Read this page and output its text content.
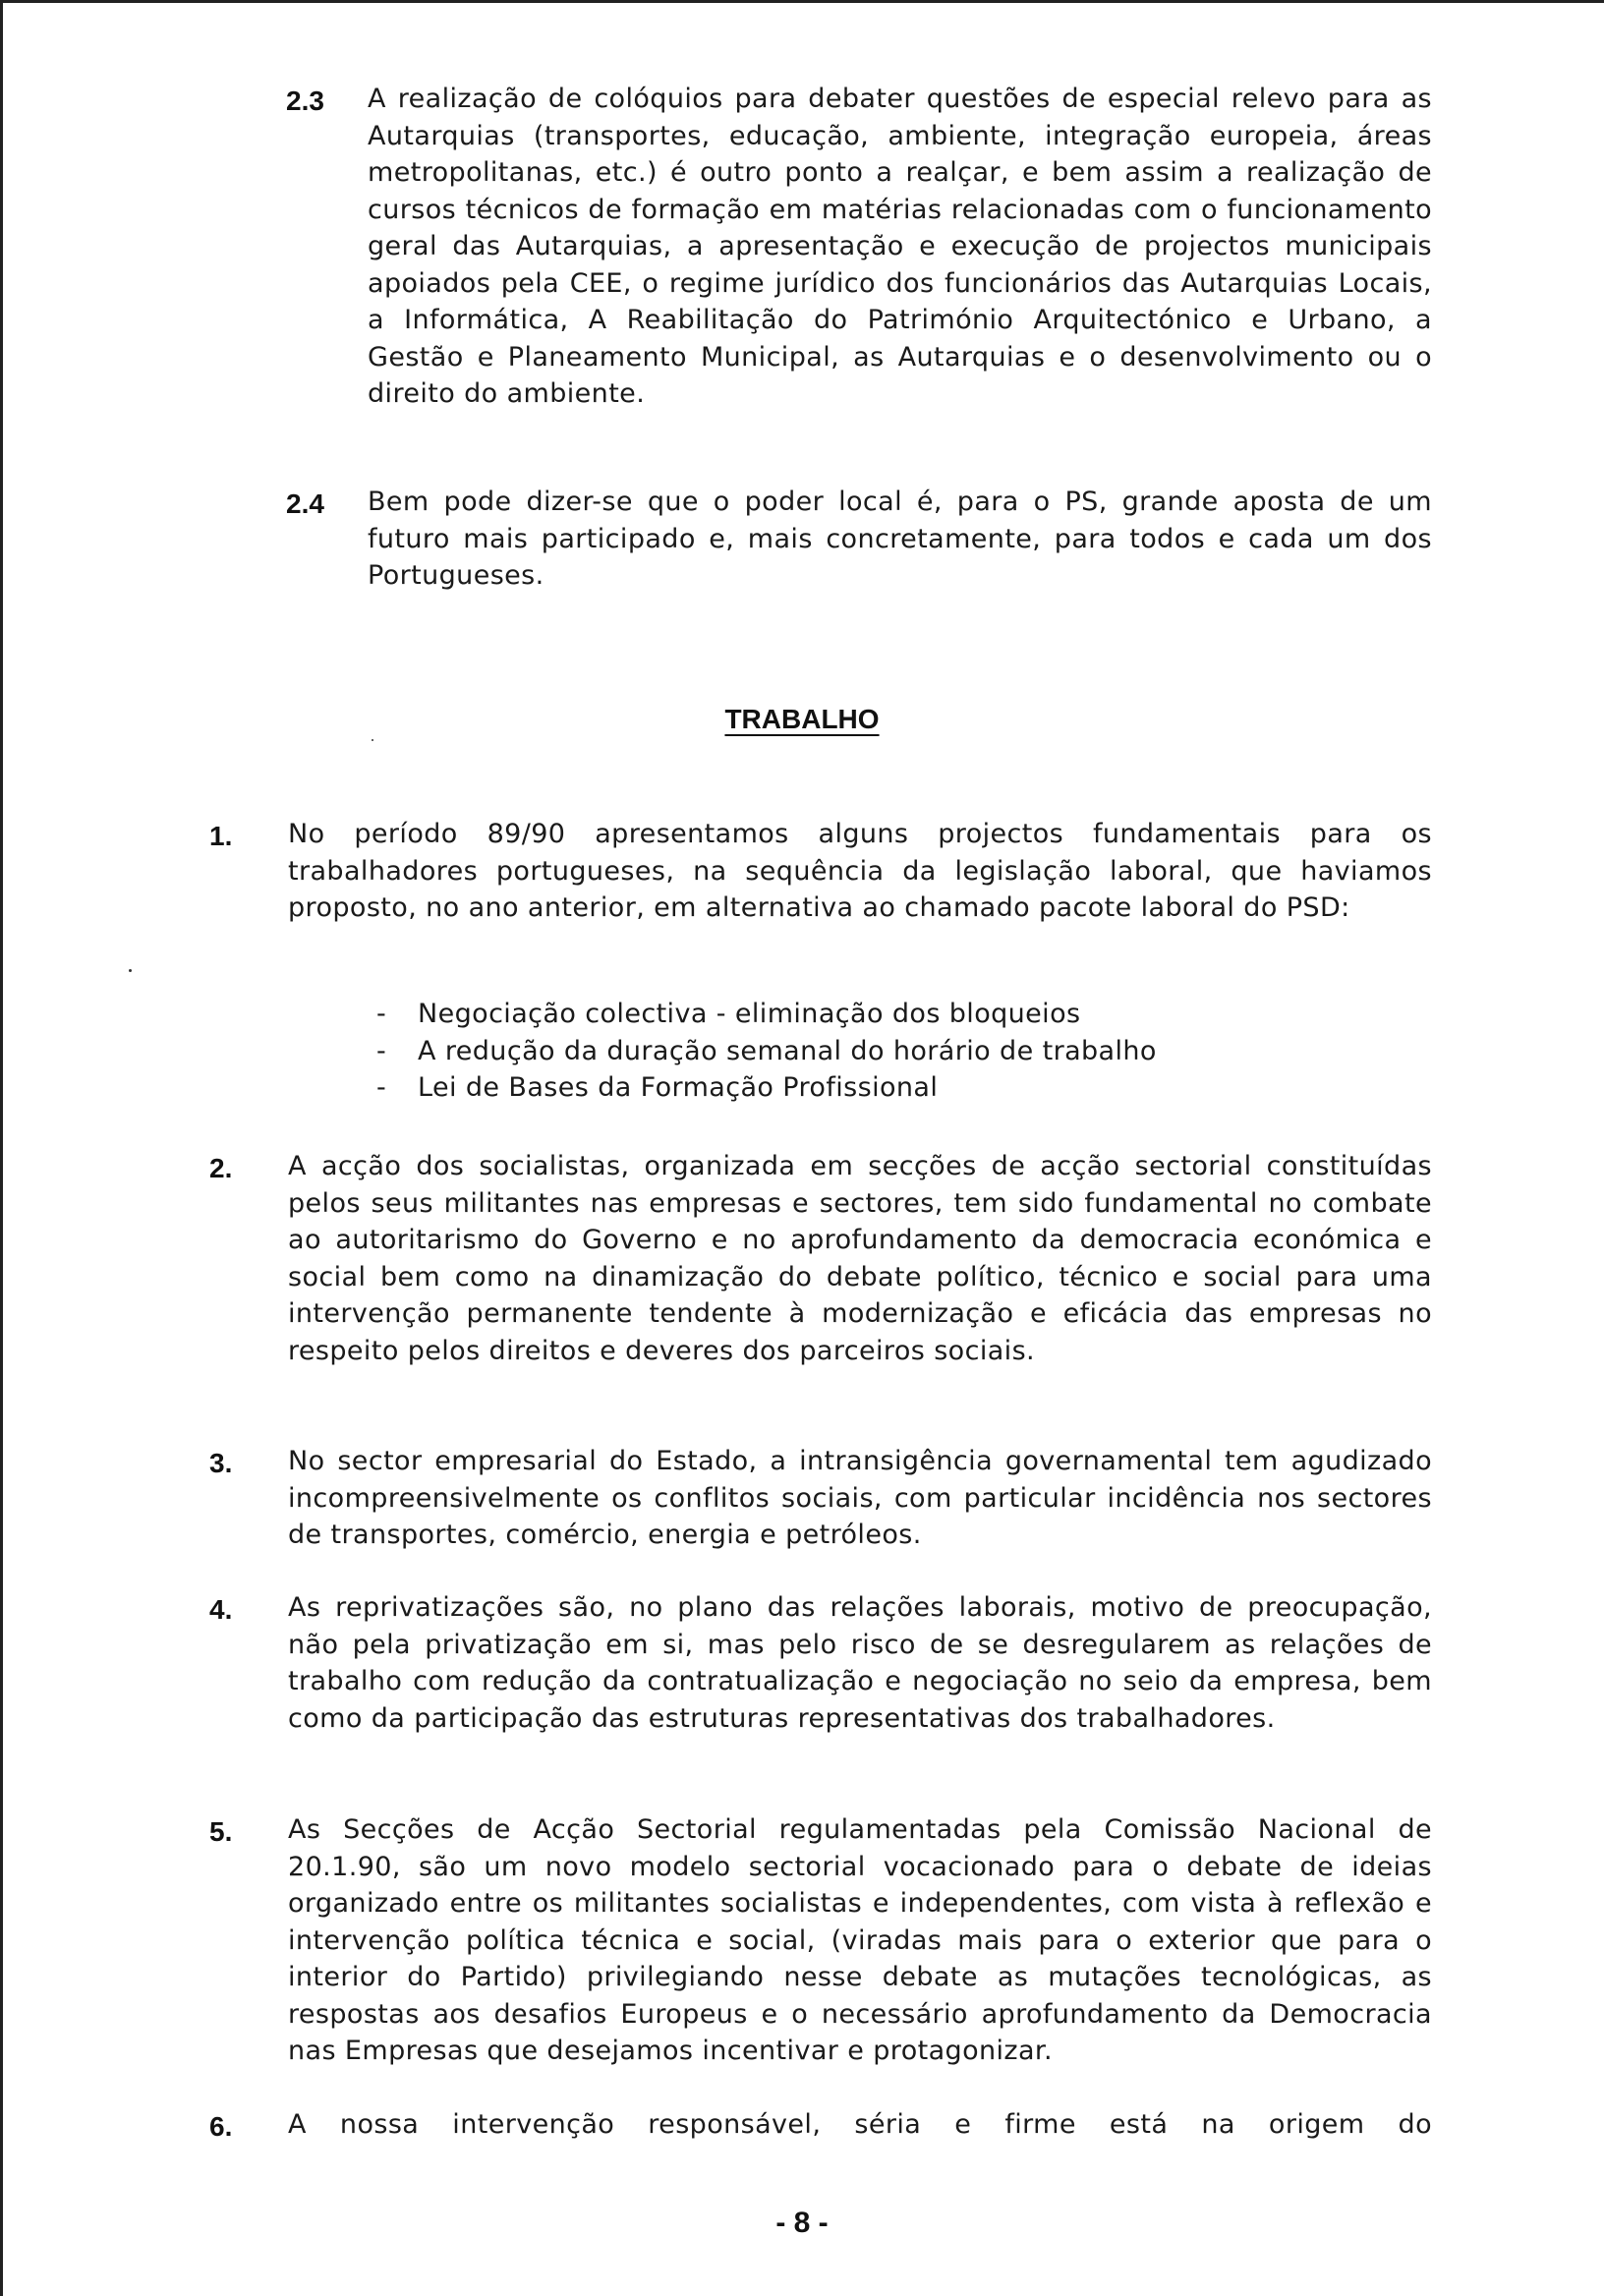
2.3 A realização de colóquios para debater questões de especial relevo para as Autarquias (transportes, educação, ambiente, integração europeia, áreas metropolitanas, etc.) é outro ponto a realçar, e bem assim a realização de cursos técnicos de formação em matérias relacionadas com o funcionamento geral das Autarquias, a apresentação e execução de projectos municipais apoiados pela CEE, o regime jurídico dos funcionários das Autarquias Locais, a Informática, A Reabilitação do Património Arquitectónico e Urbano, a Gestão e Planeamento Municipal, as Autarquias e o desenvolvimento ou o direito do ambiente.
2.4 Bem pode dizer-se que o poder local é, para o PS, grande aposta de um futuro mais participado e, mais concretamente, para todos e cada um dos Portugueses.
TRABALHO
1. No período 89/90 apresentamos alguns projectos fundamentais para os trabalhadores portugueses, na sequência da legislação laboral, que haviamos proposto, no ano anterior, em alternativa ao chamado pacote laboral do PSD:
- Negociação colectiva - eliminação dos bloqueios
- A redução da duração semanal do horário de trabalho
- Lei de Bases da Formação Profissional
2. A acção dos socialistas, organizada em secções de acção sectorial constituídas pelos seus militantes nas empresas e sectores, tem sido fundamental no combate ao autoritarismo do Governo e no aprofundamento da democracia económica e social bem como na dinamização do debate político, técnico e social para uma intervenção permanente tendente à modernização e eficácia das empresas no respeito pelos direitos e deveres dos parceiros sociais.
3. No sector empresarial do Estado, a intransigência governamental tem agudizado incompreensivelmente os conflitos sociais, com particular incidência nos sectores de transportes, comércio, energia e petróleos.
4. As reprivatizações são, no plano das relações laborais, motivo de preocupação, não pela privatização em si, mas pelo risco de se desregularem as relações de trabalho com redução da contratualização e negociação no seio da empresa, bem como da participação das estruturas representativas dos trabalhadores.
5. As Secções de Acção Sectorial regulamentadas pela Comissão Nacional de 20.1.90, são um novo modelo sectorial vocacionado para o debate de ideias organizado entre os militantes socialistas e independentes, com vista à reflexão e intervenção política técnica e social, (viradas mais para o exterior que para o interior do Partido) privilegiando nesse debate as mutações tecnológicas, as respostas aos desafios Europeus e o necessário aprofundamento da Democracia nas Empresas que desejamos incentivar e protagonizar.
6. A nossa intervenção responsável, séria e firme está na origem do
- 8 -
